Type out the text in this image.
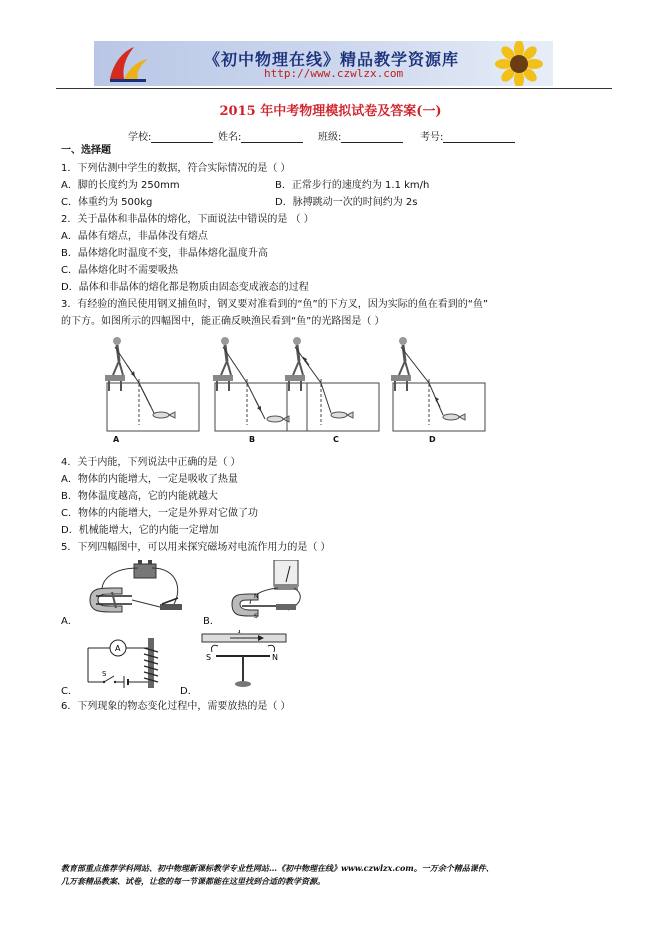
《初中物理在线》精品教学资源库
http://www.czwlzx.com
2015 年中考物理模拟试卷及答案(一)
学校:	姓名:	班级:	考号:
一、选择题
1．下列估测中学生的数据，符合实际情况的是（ ）
A．脚的长度约为 250mm	B．正常步行的速度约为 1.1 km/h
C．体重约为 500kg	D．脉搏跳动一次的时间约为 2s
2．关于晶体和非晶体的熔化，下面说法中错误的是 （ ）
A．晶体有熔点，非晶体没有熔点
B．晶体熔化时温度不变，非晶体熔化温度升高
C．晶体熔化时不需要吸热
D．晶体和非晶体的熔化都是物质由固态变成液态的过程
3．有经验的渔民使用钢叉捕鱼时，钢叉要对准看到的“鱼”的下方叉，因为实际的鱼在看到的“鱼”
的下方。如图所示的四幅图中，能正确反映渔民看到“鱼”的光路图是（ ）
A	B	C	D
4．关于内能，下列说法中正确的是（ ）
A．物体的内能增大，一定是吸收了热量
B．物体温度越高，它的内能就越大
C．物体的内能增大，一定是外界对它做了功
D．机械能增大，它的内能一定增加
5．下列四幅图中，可以用来探究磁场对电流作用力的是（ ）
A．
N
S
B．
A
S
C．
I
S	N
D．
6．下列现象的物态变化过程中，需要放热的是（ ）
教育部重点推荐学科网站、初中物理新课标教学专业性网站…《初中物理在线》www.czwlzx.com。一万余个精品课件、
几万套精品教案、试卷，让您的每一节课都能在这里找到合适的教学资源。
